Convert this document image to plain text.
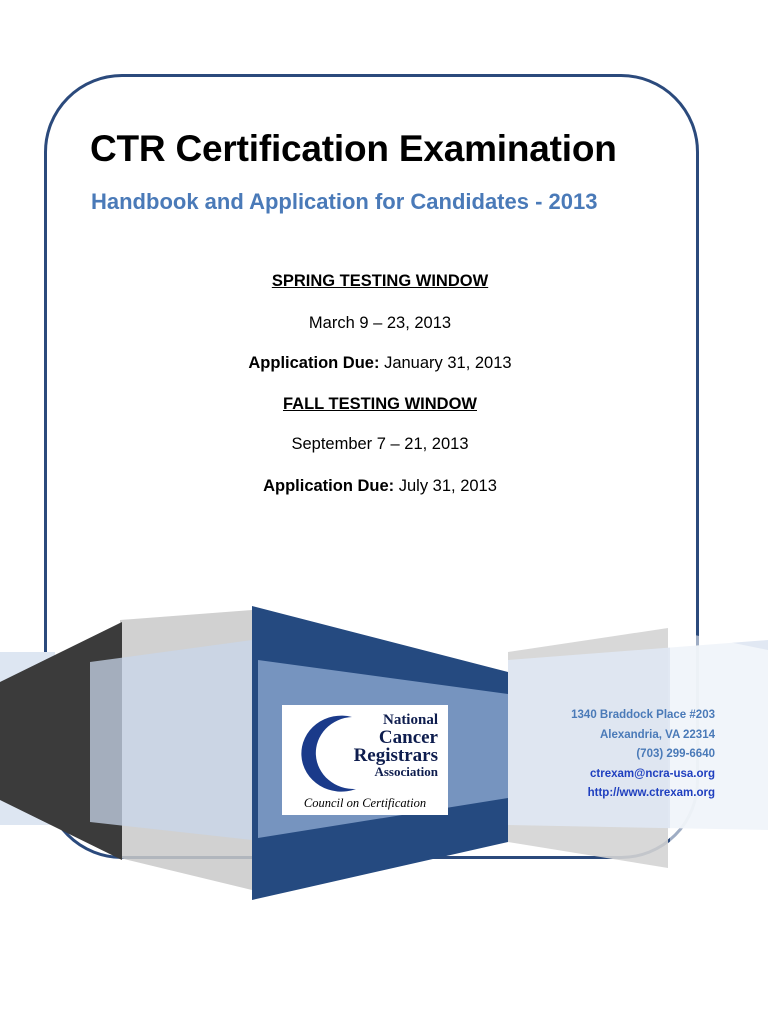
CTR Certification Examination
Handbook and Application for Candidates - 2013
SPRING TESTING WINDOW
March 9 – 23, 2013
Application Due: January 31, 2013
FALL TESTING WINDOW
September 7 – 21, 2013
Application Due: July 31, 2013
National
Cancer
Registrars
Association
Council on Certification
1340 Braddock Place #203
Alexandria, VA 22314
(703) 299-6640
ctrexam@ncra-usa.org
http://www.ctrexam.org
